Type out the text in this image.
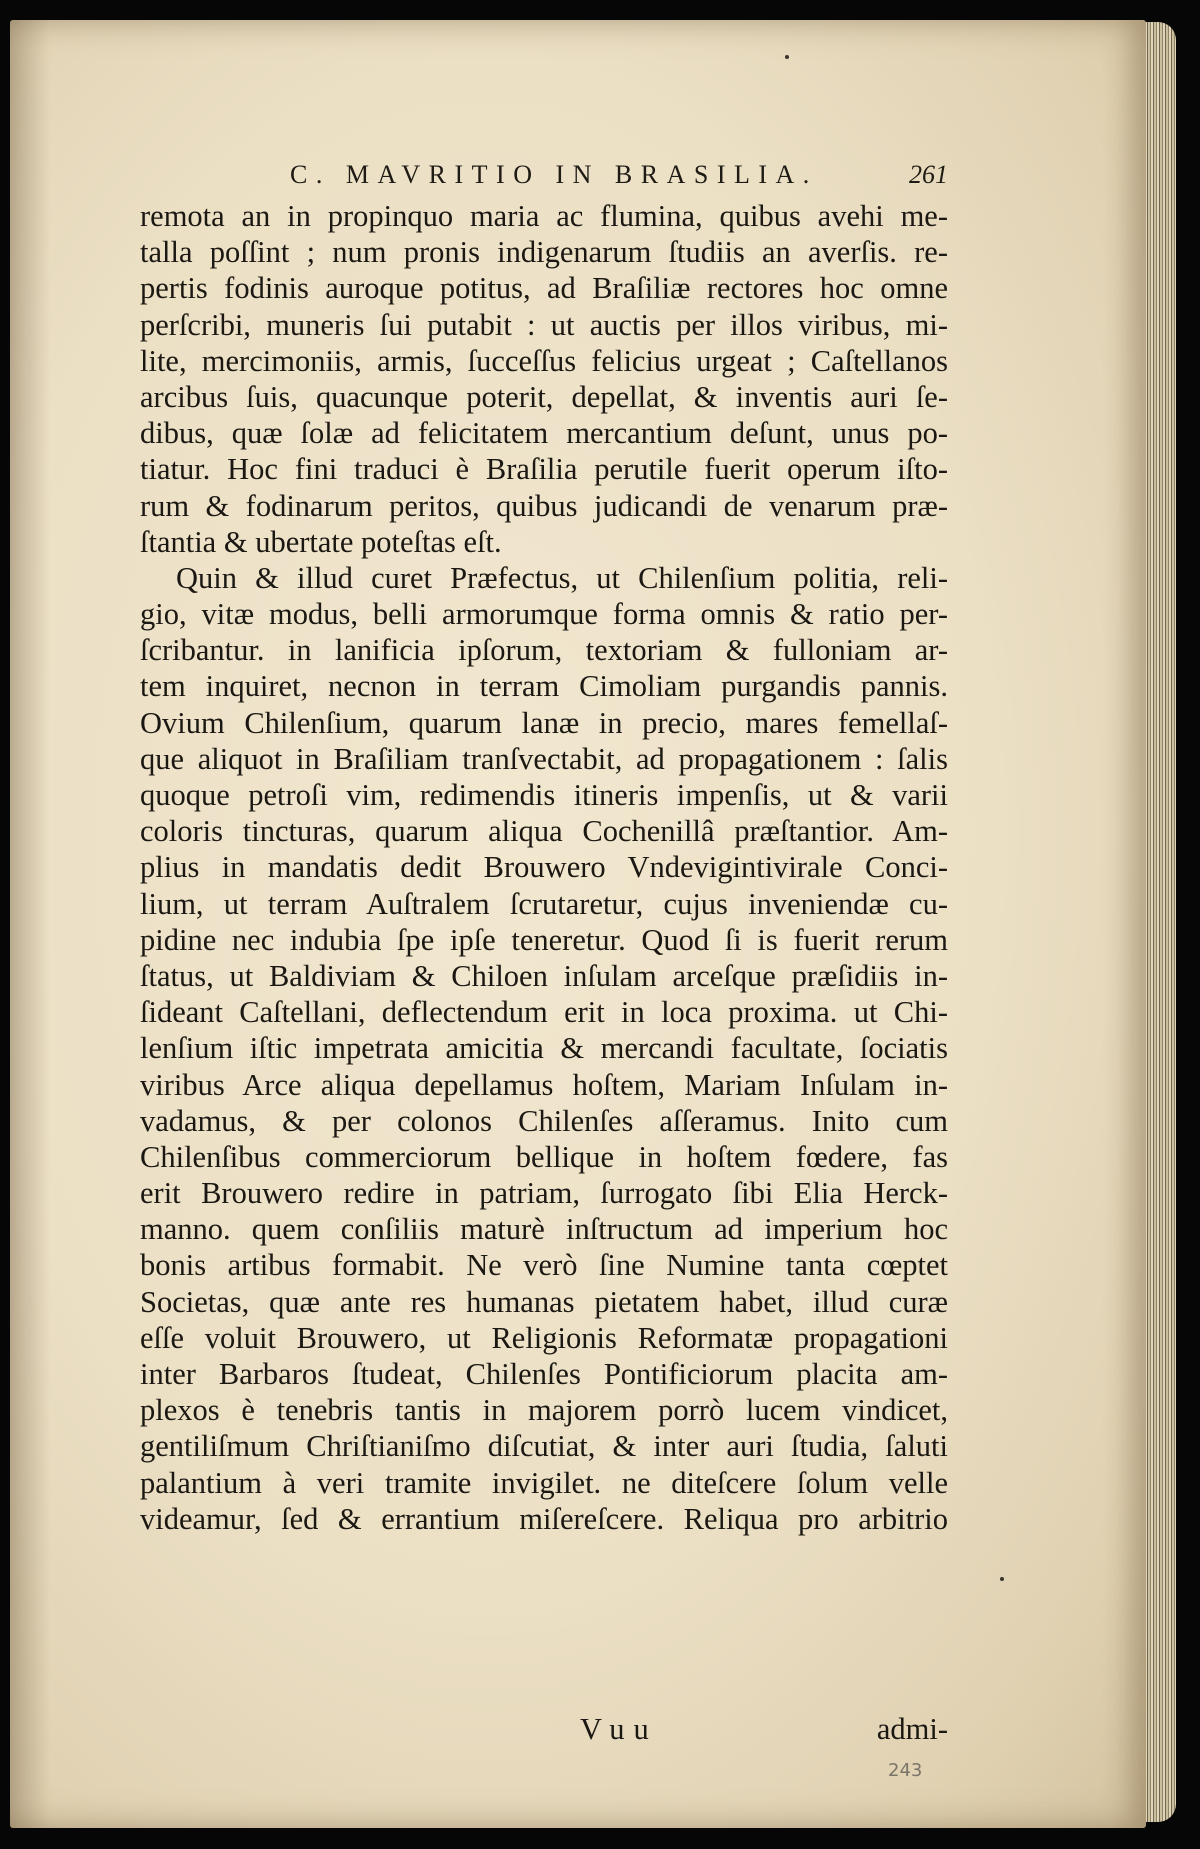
C. MAVRITIO IN BRASILIA.	261
remota an in propinquo maria ac flumina, quibus avehi me-
talla poſſint ; num pronis indigenarum ſtudiis an averſis. re-
pertis fodinis auroque potitus, ad Braſiliæ rectores hoc omne
perſcribi, muneris ſui putabit : ut auctis per illos viribus, mi-
lite, mercimoniis, armis, ſucceſſus felicius urgeat ; Caſtellanos
arcibus ſuis, quacunque poterit, depellat, & inventis auri ſe-
dibus, quæ ſolæ ad felicitatem mercantium deſunt, unus po-
tiatur. Hoc fini traduci è Braſilia perutile fuerit operum iſto-
rum & fodinarum peritos, quibus judicandi de venarum præ-
ſtantia & ubertate poteſtas eſt.
Quin & illud curet Præfectus, ut Chilenſium politia, reli-
gio, vitæ modus, belli armorumque forma omnis & ratio per-
ſcribantur. in lanificia ipſorum, textoriam & fulloniam ar-
tem inquiret, necnon in terram Cimoliam purgandis pannis.
Ovium Chilenſium, quarum lanæ in precio, mares femellaſ-
que aliquot in Braſiliam tranſvectabit, ad propagationem : ſalis
quoque petroſi vim, redimendis itineris impenſis, ut & varii
coloris tincturas, quarum aliqua Cochenillâ præſtantior. Am-
plius in mandatis dedit Brouwero Vndevigintivirale Conci-
lium, ut terram Auſtralem ſcrutaretur, cujus inveniendæ cu-
pidine nec indubia ſpe ipſe teneretur. Quod ſi is fuerit rerum
ſtatus, ut Baldiviam & Chiloen inſulam arceſque præſidiis in-
ſideant Caſtellani, deflectendum erit in loca proxima. ut Chi-
lenſium iſtic impetrata amicitia & mercandi facultate, ſociatis
viribus Arce aliqua depellamus hoſtem, Mariam Inſulam in-
vadamus, & per colonos Chilenſes aſſeramus. Inito cum
Chilenſibus commerciorum bellique in hoſtem fœdere, fas
erit Brouwero redire in patriam, ſurrogato ſibi Elia Herck-
manno. quem conſiliis maturè inſtructum ad imperium hoc
bonis artibus formabit. Ne verò ſine Numine tanta cœptet
Societas, quæ ante res humanas pietatem habet, illud curæ
eſſe voluit Brouwero, ut Religionis Reformatæ propagationi
inter Barbaros ſtudeat, Chilenſes Pontificiorum placita am-
plexos è tenebris tantis in majorem porrò lucem vindicet,
gentiliſmum Chriſtianiſmo diſcutiat, & inter auri ſtudia, ſaluti
palantium à veri tramite invigilet. ne diteſcere ſolum velle
videamur, ſed & errantium miſereſcere. Reliqua pro arbitrio
Vuu	admi-
243
